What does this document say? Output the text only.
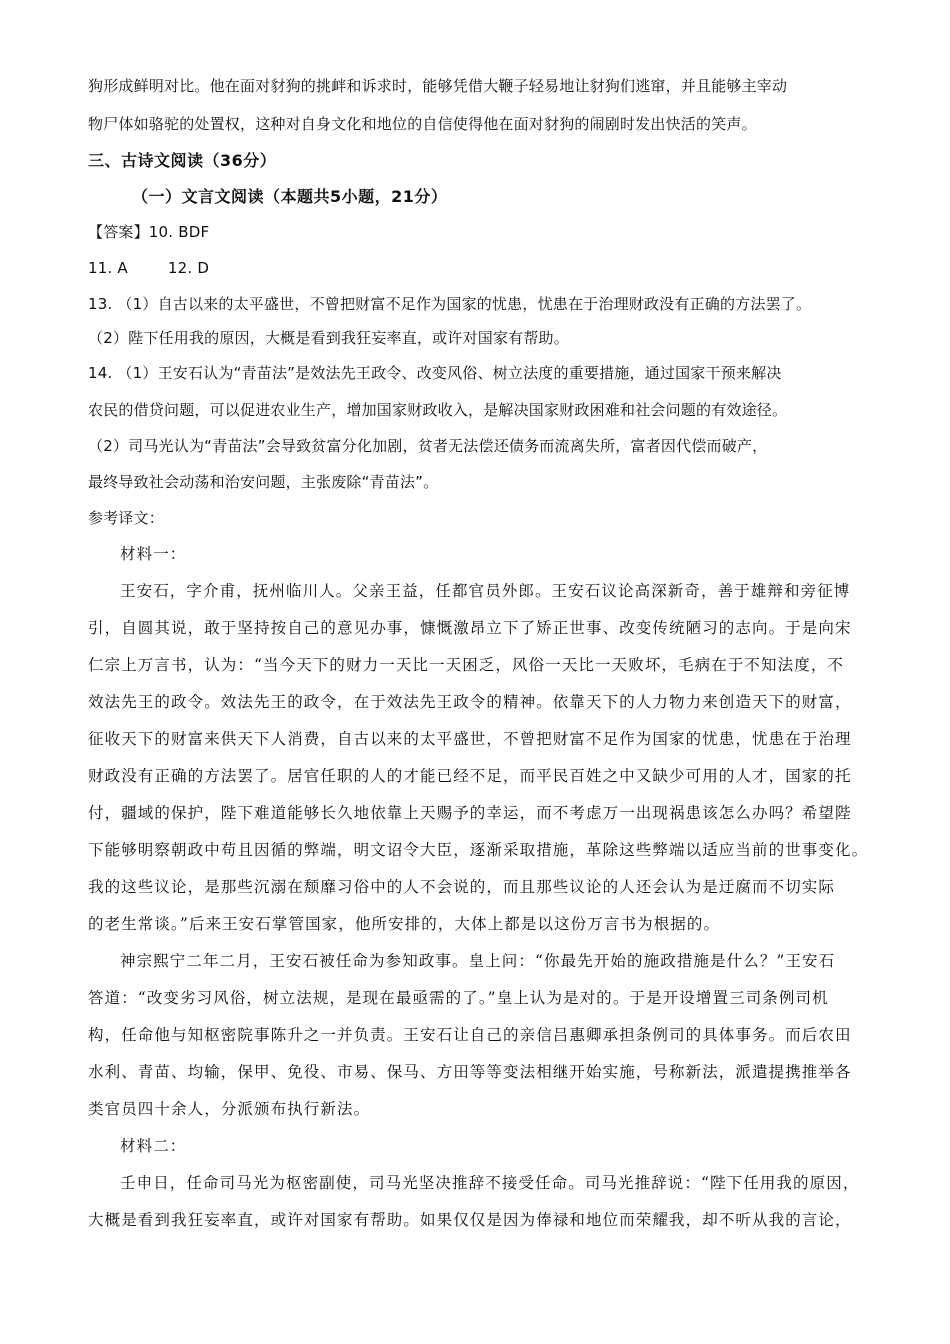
狗形成鲜明对比。他在面对豺狗的挑衅和诉求时，能够凭借大鞭子轻易地让豺狗们逃窜，并且能够主宰动
物尸体如骆驼的处置权，这种对自身文化和地位的自信使得他在面对豺狗的闹剧时发出快活的笑声。
三、古诗文阅读（36分）
（一）文言文阅读（本题共5小题，21分）
【答案】10. BDF
11. A	12. D
13. （1）自古以来的太平盛世，不曾把财富不足作为国家的忧患，忧患在于治理财政没有正确的方法罢了。
（2）陛下任用我的原因，大概是看到我狂妄率直，或许对国家有帮助。
14. （1）王安石认为“青苗法”是效法先王政令、改变风俗、树立法度的重要措施，通过国家干预来解决
农民的借贷问题，可以促进农业生产，增加国家财政收入，是解决国家财政困难和社会问题的有效途径。
（2）司马光认为“青苗法”会导致贫富分化加剧，贫者无法偿还债务而流离失所，富者因代偿而破产，
最终导致社会动荡和治安问题，主张废除“青苗法”。
参考译文：
材料一：
王安石，字介甫，抚州临川人。父亲王益，任都官员外郎。王安石议论高深新奇，善于雄辩和旁征博
引，自圆其说，敢于坚持按自己的意见办事，慷慨激昂立下了矫正世事、改变传统陋习的志向。于是向宋
仁宗上万言书，认为：“当今天下的财力一天比一天困乏，风俗一天比一天败坏，毛病在于不知法度，不
效法先王的政令。效法先王的政令，在于效法先王政令的精神。依靠天下的人力物力来创造天下的财富，
征收天下的财富来供天下人消费，自古以来的太平盛世，不曾把财富不足作为国家的忧患，忧患在于治理
财政没有正确的方法罢了。居官任职的人的才能已经不足，而平民百姓之中又缺少可用的人才，国家的托
付，疆域的保护，陛下难道能够长久地依靠上天赐予的幸运，而不考虑万一出现祸患该怎么办吗？希望陛
下能够明察朝政中苟且因循的弊端，明文诏令大臣，逐渐采取措施，革除这些弊端以适应当前的世事变化。
我的这些议论，是那些沉溺在颓靡习俗中的人不会说的，而且那些议论的人还会认为是迂腐而不切实际
的老生常谈。”后来王安石掌管国家，他所安排的，大体上都是以这份万言书为根据的。
神宗熙宁二年二月，王安石被任命为参知政事。皇上问：“你最先开始的施政措施是什么？”王安石
答道：“改变劣习风俗，树立法规，是现在最亟需的了。”皇上认为是对的。于是开设增置三司条例司机
构，任命他与知枢密院事陈升之一并负责。王安石让自己的亲信吕惠卿承担条例司的具体事务。而后农田
水利、青苗、均输，保甲、免役、市易、保马、方田等等变法相继开始实施，号称新法，派遣提携推举各
类官员四十余人，分派颁布执行新法。
材料二：
壬申日，任命司马光为枢密副使，司马光坚决推辞不接受任命。司马光推辞说：“陛下任用我的原因，
大概是看到我狂妄率直，或许对国家有帮助。如果仅仅是因为俸禄和地位而荣耀我，却不听从我的言论，
